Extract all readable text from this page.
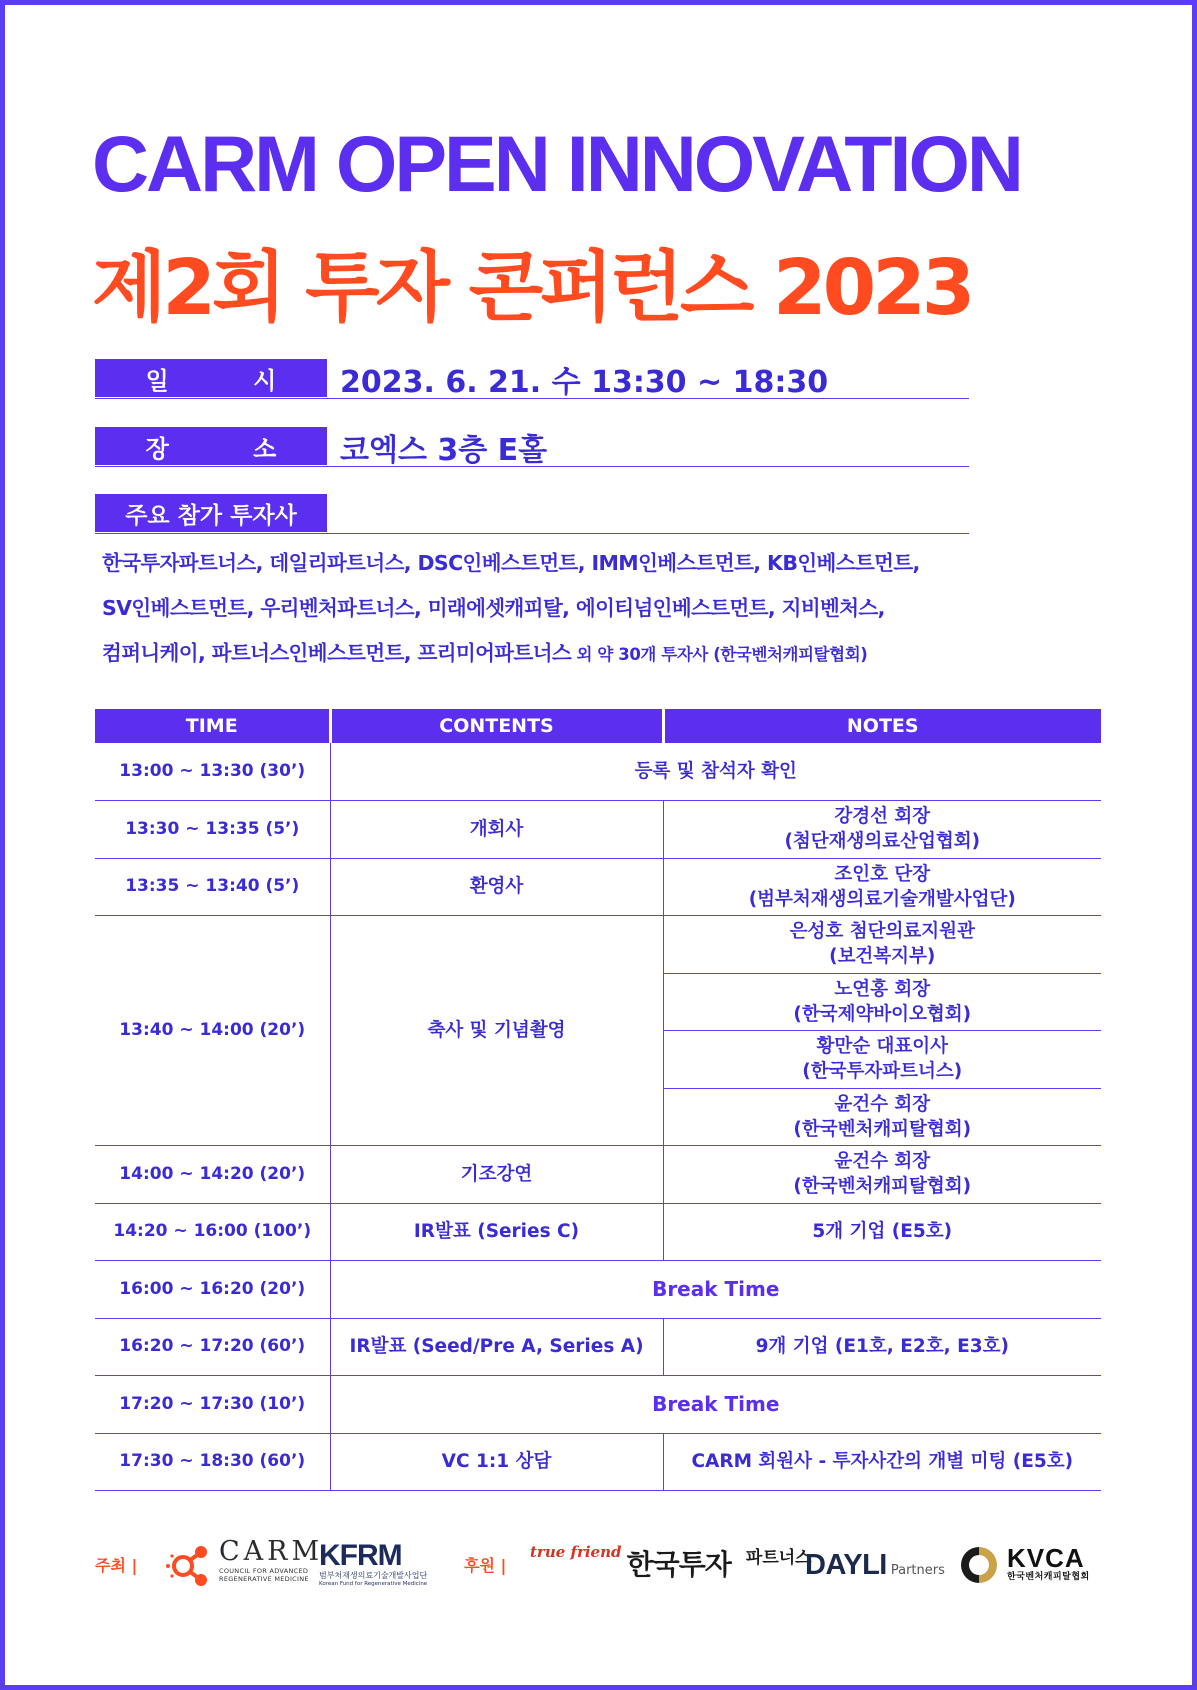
CARM OPEN INNOVATION
제2회 투자 콘퍼런스 2023
일 시 2023. 6. 21. 수 13:30 ~ 18:30
장 소 코엑스 3층 E홀
주요 참가 투자사
한국투자파트너스, 데일리파트너스, DSC인베스트먼트, IMM인베스트먼트, KB인베스트먼트,
SV인베스트먼트, 우리벤처파트너스, 미래에셋캐피탈, 에이티넘인베스트먼트, 지비벤처스,
컴퍼니케이, 파트너스인베스트먼트, 프리미어파트너스 외 약 30개 투자사 (한국벤처캐피탈협회)
TIME	CONTENTS	NOTES
13:00 ~ 13:30 (30’)	등록 및 참석자 확인	
13:30 ~ 13:35 (5’)	개회사	강경선 회장
(첨단재생의료산업협회)
13:35 ~ 13:40 (5’)	환영사	조인호 단장
(범부처재생의료기술개발사업단)
13:40 ~ 14:00 (20’)	축사 및 기념촬영	은성호 첨단의료지원관
(보건복지부)
		노연홍 회장
(한국제약바이오협회)
		황만순 대표이사
(한국투자파트너스)
		윤건수 회장
(한국벤처캐피탈협회)
14:00 ~ 14:20 (20’)	기조강연	윤건수 회장
(한국벤처캐피탈협회)
14:20 ~ 16:00 (100’)	IR발표 (Series C)	5개 기업 (E5호)
16:00 ~ 16:20 (20’)	Break Time	
16:20 ~ 17:20 (60’)	IR발표 (Seed/Pre A, Series A)	9개 기업 (E1호, E2호, E3호)
17:20 ~ 17:30 (10’)	Break Time	
17:30 ~ 18:30 (60’)	VC 1:1 상담	CARM 회원사 - 투자사간의 개별 미팅 (E5호)
주최 |	CARM
COUNCIL FOR ADVANCED
REGENERATIVE MEDICINE
KFRM
범부처재생의료기술개발사업단
Korean Fund for Regenerative Medicine
후원 |
true friend 한국투자 파트너스
DAYLI Partners KVCA
한국벤처캐피탈협회
